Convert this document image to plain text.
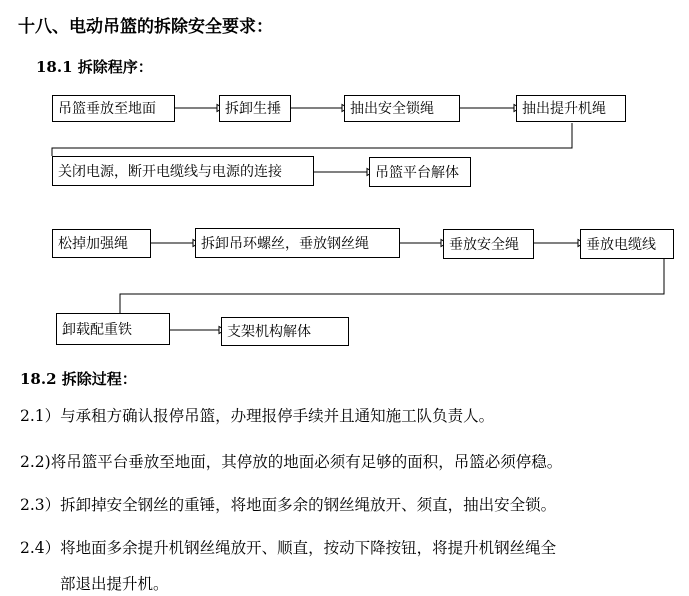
十八、电动吊篮的拆除安全要求：
18.1 拆除程序：
吊篮垂放至地面	拆卸生捶	抽出安全锁绳	抽出提升机绳
关闭电源，断开电缆线与电源的连接	吊篮平台解体
松掉加强绳	拆卸吊环螺丝，垂放钢丝绳	垂放安全绳	垂放电缆线
卸载配重铁	支架机构解体
18.2 拆除过程：
2.1）与承租方确认报停吊篮，办理报停手续并且通知施工队负责人。
2.2)将吊篮平台垂放至地面，其停放的地面必须有足够的面积，吊篮必须停稳。
2.3）拆卸掉安全钢丝的重锤，将地面多余的钢丝绳放开、须直，抽出安全锁。
2.4）将地面多余提升机钢丝绳放开、顺直，按动下降按钮，将提升机钢丝绳全
部退出提升机。
